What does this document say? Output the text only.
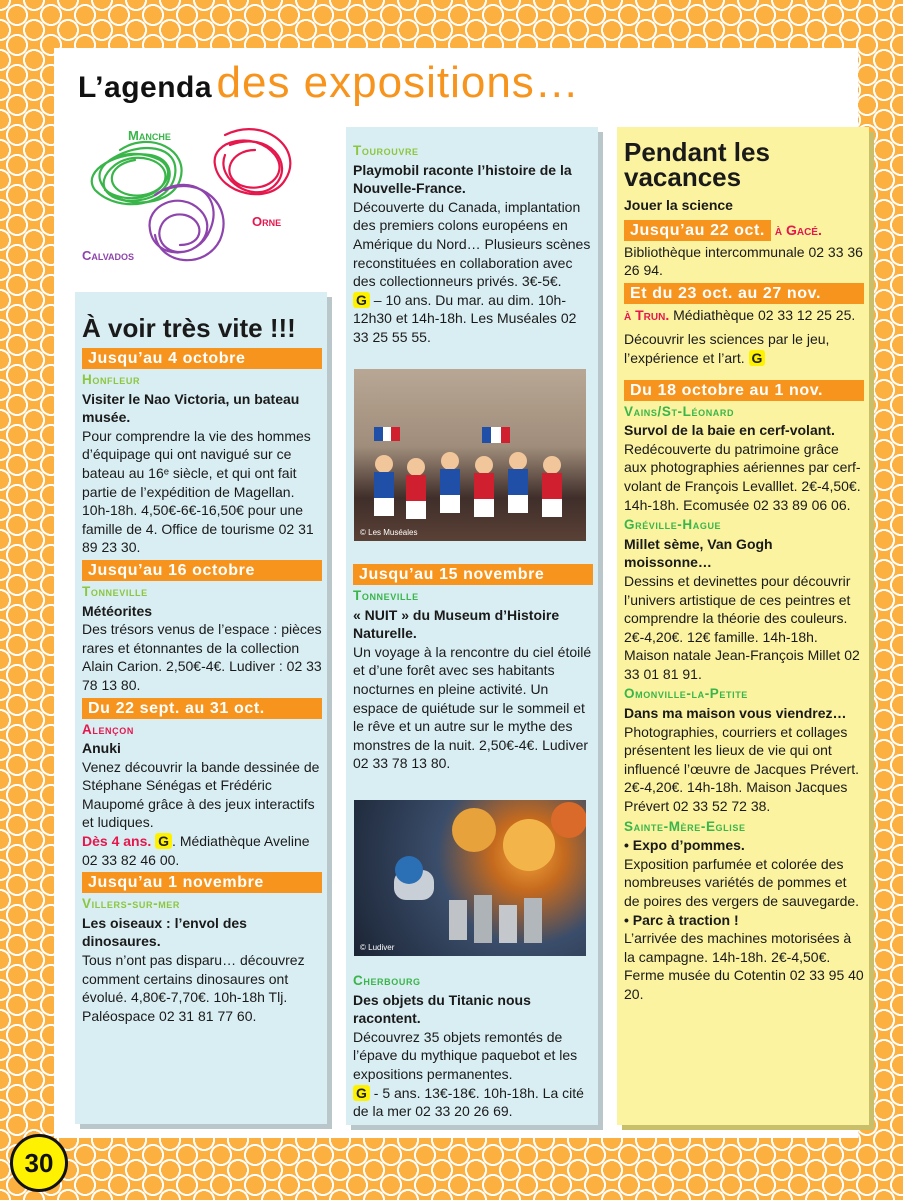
L’agenda des expositions…
Manche
Orne
Calvados
À voir très vite !!!
Jusqu’au 4 octobre
Honfleur
Visiter le Nao Victoria, un bateau musée.
Pour comprendre la vie des hommes d’équipage qui ont navigué sur ce bateau au 16ᵉ siècle, et qui ont fait partie de l’expédition de Magellan. 10h-18h. 4,50€-6€-16,50€ pour une famille de 4. Office de tourisme 02 31 89 23 30.
Jusqu’au 16 octobre
Tonneville
Météorites
Des trésors venus de l’espace : pièces rares et étonnantes de la collection Alain Carion. 2,50€-4€. Ludiver : 02 33 78 13 80.
Du 22 sept. au 31 oct.
Alençon
Anuki
Venez découvrir la bande dessinée de Stéphane Sénégas et Frédéric Maupomé grâce à des jeux interactifs et ludiques.
Dès 4 ans. G . Médiathèque Aveline 02 33 82 46 00.
Jusqu’au 1 novembre
Villers-sur-mer
Les oiseaux : l’envol des dinosaures.
Tous n’ont pas disparu… découvrez comment certains dinosaures ont évolué. 4,80€-7,70€. 10h-18h Tlj. Paléospace 02 31 81 77 60.
Tourouvre
Playmobil raconte l’histoire de la Nouvelle-France.
Découverte du Canada, implantation des premiers colons européens en Amérique du Nord… Plusieurs scènes reconstituées en collaboration avec des collectionneurs privés. 3€-5€.
G – 10 ans. Du mar. au dim. 10h-12h30 et 14h-18h. Les Muséales 02 33 25 55 55.
© Les Muséales
Jusqu’au 15 novembre
Tonneville
« NUIT » du Museum d’Histoire Naturelle.
Un voyage à la rencontre du ciel étoilé et d’une forêt avec ses habitants nocturnes en pleine activité. Un espace de quiétude sur le sommeil et le rêve et un autre sur le mythe des monstres de la nuit. 2,50€-4€. Ludiver 02 33 78 13 80.
© Ludiver
Cherbourg
Des objets du Titanic nous racontent.
Découvrez 35 objets remontés de l’épave du mythique paquebot et les expositions permanentes.
G - 5 ans. 13€-18€. 10h-18h. La cité de la mer 02 33 20 26 69.
Pendant les vacances
Jouer la science
Jusqu’au 22 oct. à Gacé.
Bibliothèque intercommunale 02 33 36 26 94.
Et du 23 oct. au 27 nov.
à Trun. Médiathèque 02 33 12 25 25.
Découvrir les sciences par le jeu, l’expérience et l’art. G
Du 18 octobre au 1 nov.
Vains/St-Léonard
Survol de la baie en cerf-volant.
Redécouverte du patrimoine grâce aux photographies aériennes par cerf-volant de François Levalllet. 2€-4,50€. 14h-18h. Ecomusée 02 33 89 06 06.
Gréville-Hague
Millet sème, Van Gogh moissonne…
Dessins et devinettes pour découvrir l’univers artistique de ces peintres et comprendre la théorie des couleurs. 2€-4,20€. 12€ famille. 14h-18h. Maison natale Jean-François Millet 02 33 01 81 91.
Omonville-la-Petite
Dans ma maison vous viendrez…
Photographies, courriers et collages présentent les lieux de vie qui ont influencé l’œuvre de Jacques Prévert. 2€-4,20€. 14h-18h. Maison Jacques Prévert 02 33 52 72 38.
Sainte-Mère-Eglise
• Expo d’pommes.
Exposition parfumée et colorée des nombreuses variétés de pommes et de poires des vergers de sauvegarde.
• Parc à traction !
L’arrivée des machines motorisées à la campagne. 14h-18h. 2€-4,50€. Ferme musée du Cotentin 02 33 95 40 20.
30
